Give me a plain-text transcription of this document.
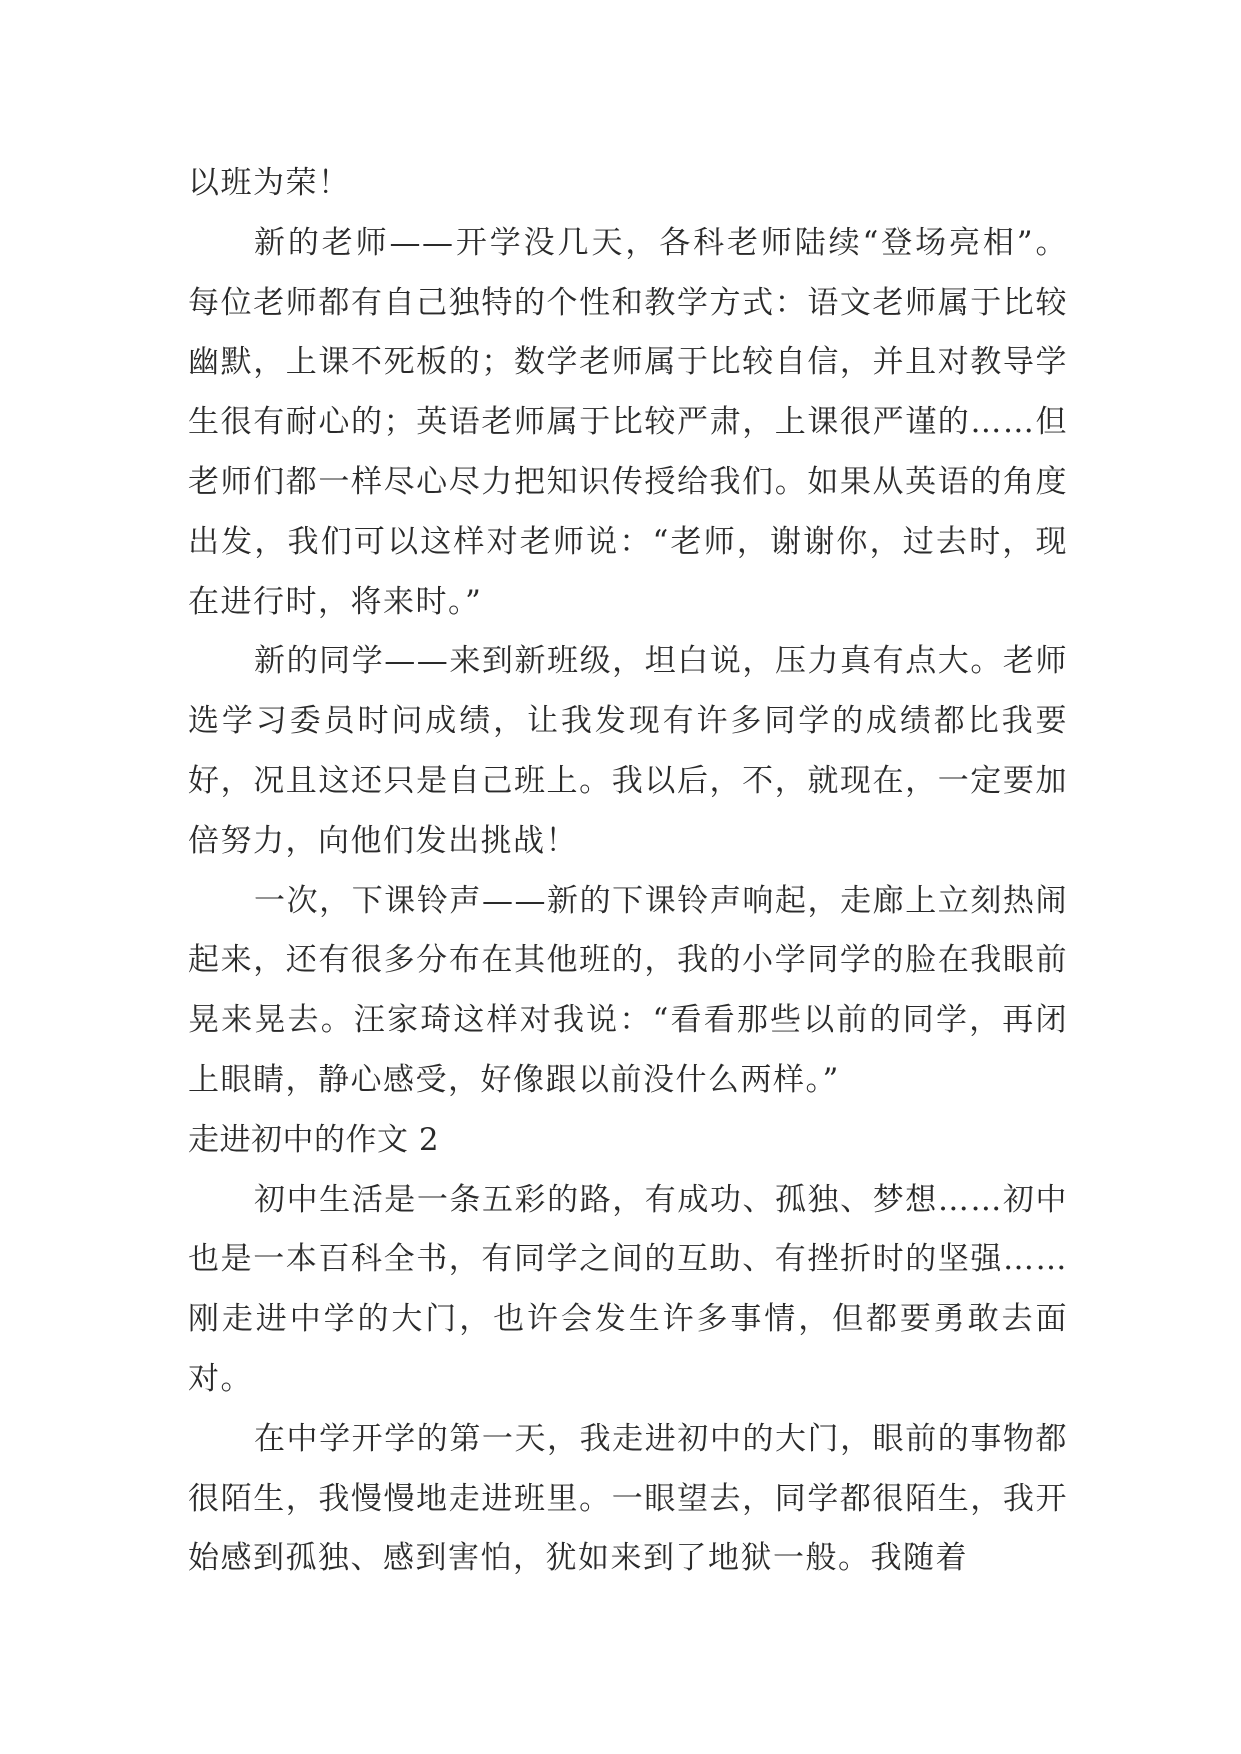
以班为荣！

新的老师——开学没几天，各科老师陆续“登场亮相”。每位老师都有自己独特的个性和教学方式：语文老师属于比较幽默，上课不死板的；数学老师属于比较自信，并且对教导学生很有耐心的；英语老师属于比较严肃，上课很严谨的……但老师们都一样尽心尽力把知识传授给我们。如果从英语的角度出发，我们可以这样对老师说：“老师，谢谢你，过去时，现在进行时，将来时。”

新的同学——来到新班级，坦白说，压力真有点大。老师选学习委员时问成绩，让我发现有许多同学的成绩都比我要好，况且这还只是自己班上。我以后，不，就现在，一定要加倍努力，向他们发出挑战！

一次，下课铃声——新的下课铃声响起，走廊上立刻热闹起来，还有很多分布在其他班的，我的小学同学的脸在我眼前晃来晃去。汪家琦这样对我说：“看看那些以前的同学，再闭上眼睛，静心感受，好像跟以前没什么两样。”

走进初中的作文 2

初中生活是一条五彩的路，有成功、孤独、梦想……初中也是一本百科全书，有同学之间的互助、有挫折时的坚强……刚走进中学的大门，也许会发生许多事情，但都要勇敢去面对。

在中学开学的第一天，我走进初中的大门，眼前的事物都很陌生，我慢慢地走进班里。一眼望去，同学都很陌生，我开始感到孤独、感到害怕，犹如来到了地狱一般。我随着
